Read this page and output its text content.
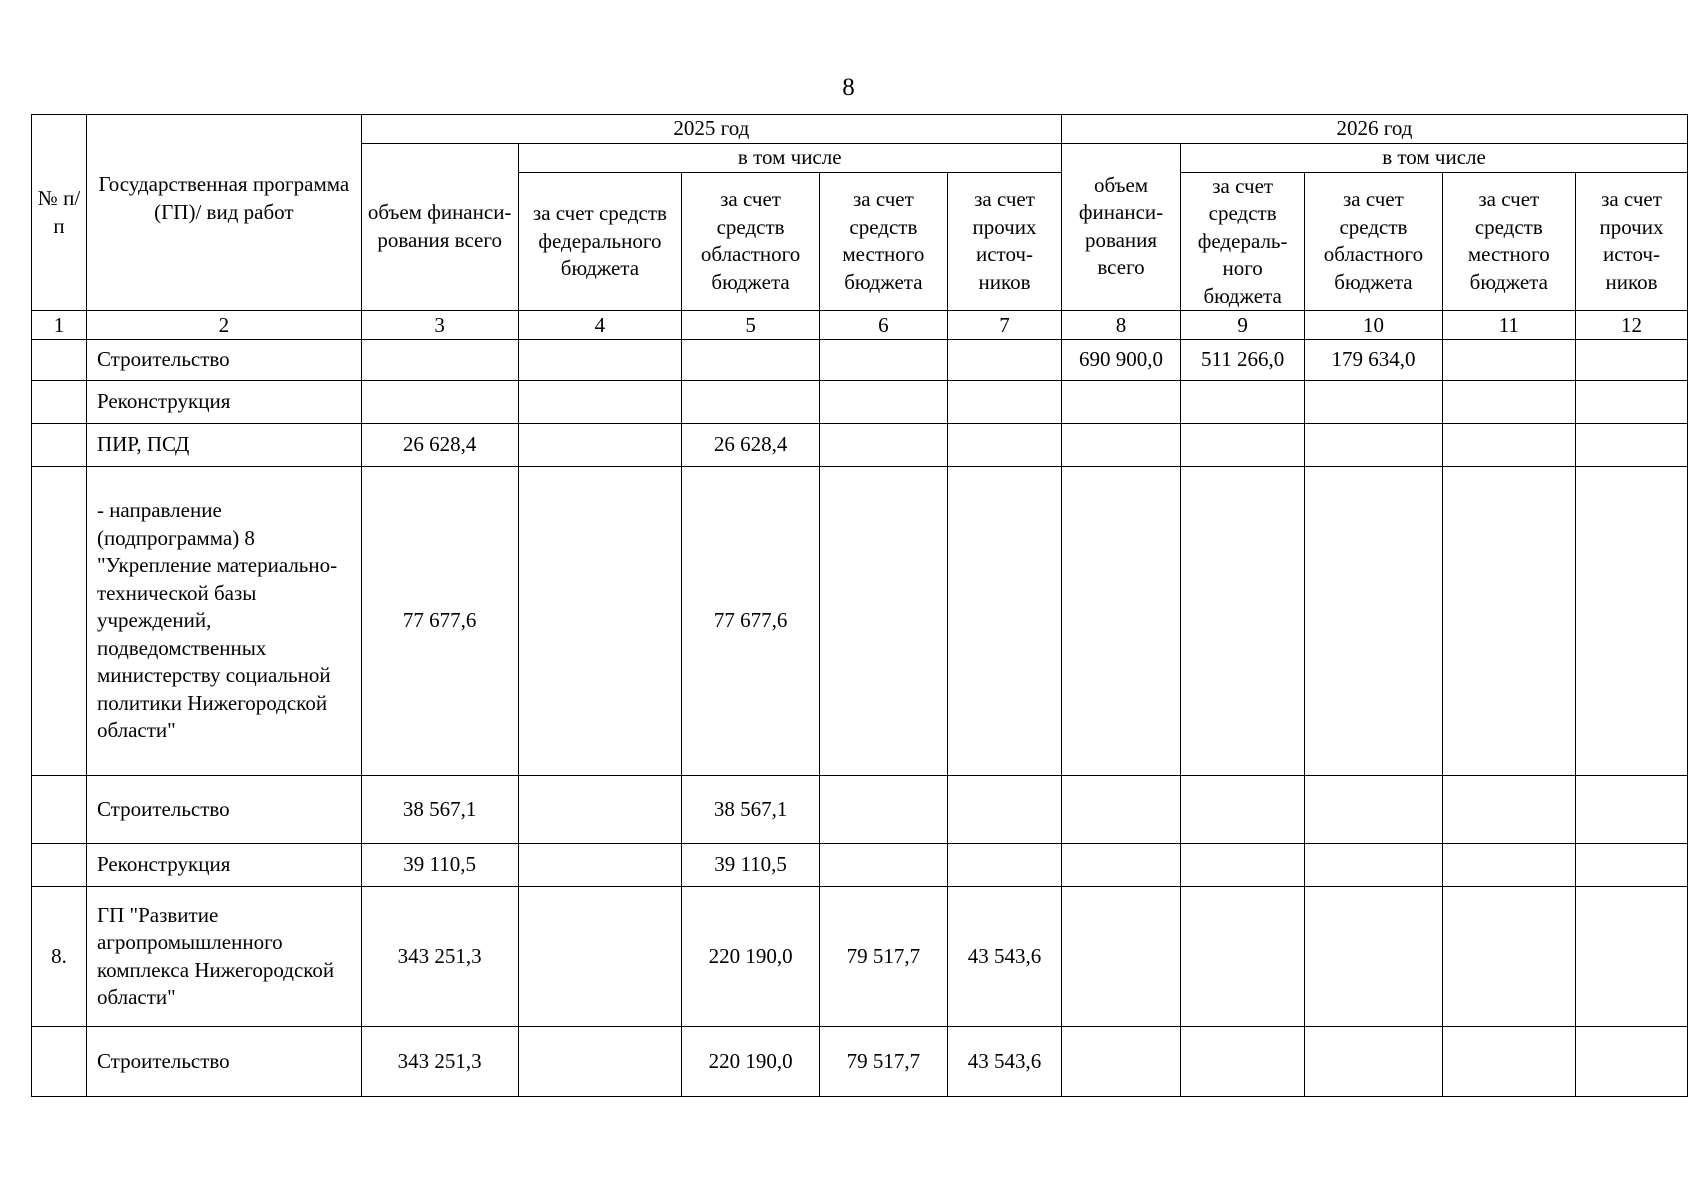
8
№ п/п	Государственная программа (ГП)/ вид работ	2025 год					2026 год				
		объем финанси-рования всего	в том числе				объем финанси-рования всего	в том числе			
			за счет средств федерального бюджета	за счет средств областного бюджета	за счет средств местного бюджета	за счет прочих источ-ников		за счет средств федераль-ного бюджета	за счет средств областного бюджета	за счет средств местного бюджета	за счет прочих источ-ников
1	2	3	4	5	6	7	8	9	10	11	12
	Строительство						690 900,0	511 266,0	179 634,0		
	Реконструкция										
	ПИР, ПСД	26 628,4		26 628,4							
	- направление (подпрограмма) 8 "Укрепление материально-технической базы учреждений, подведомственных министерству социальной политики Нижегородской области"	77 677,6		77 677,6							
	Строительство	38 567,1		38 567,1							
	Реконструкция	39 110,5		39 110,5							
8.	ГП "Развитие агропромышленного комплекса Нижегородской области"	343 251,3		220 190,0	79 517,7	43 543,6					
	Строительство	343 251,3		220 190,0	79 517,7	43 543,6					
